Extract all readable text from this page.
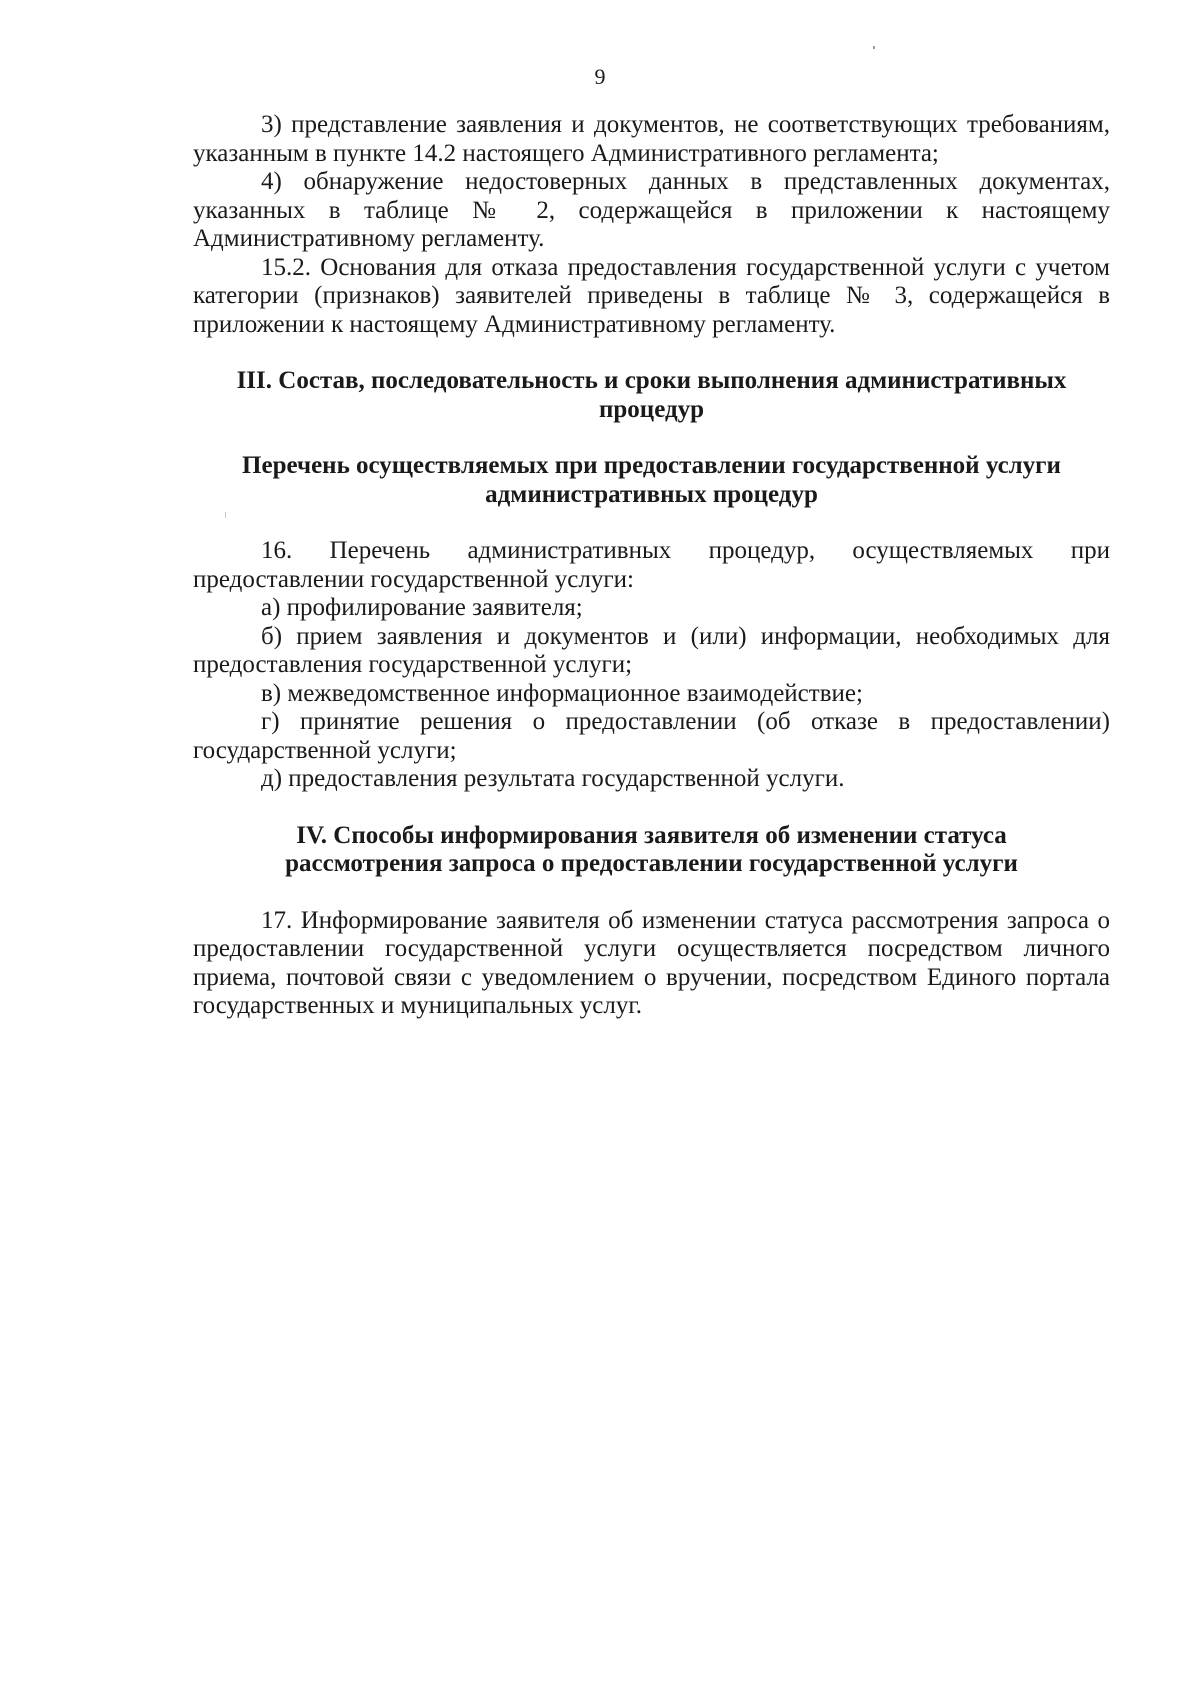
9

3) представление заявления и документов, не соответствующих требованиям, указанным в пункте 14.2 настоящего Административного регламента;

4) обнаружение недостоверных данных в представленных документах, указанных в таблице № 2, содержащейся в приложении к настоящему Административному регламенту.

15.2. Основания для отказа предоставления государственной услуги с учетом категории (признаков) заявителей приведены в таблице № 3, содержащейся в приложении к настоящему Административному регламенту.

III. Состав, последовательность и сроки выполнения административных процедур

Перечень осуществляемых при предоставлении государственной услуги административных процедур

16. Перечень административных процедур, осуществляемых при предоставлении государственной услуги:

а) профилирование заявителя;

б) прием заявления и документов и (или) информации, необходимых для предоставления государственной услуги;

в) межведомственное информационное взаимодействие;

г) принятие решения о предоставлении (об отказе в предоставлении) государственной услуги;

д) предоставления результата государственной услуги.

IV. Способы информирования заявителя об изменении статуса рассмотрения запроса о предоставлении государственной услуги

17. Информирование заявителя об изменении статуса рассмотрения запроса о предоставлении государственной услуги осуществляется посредством личного приема, почтовой связи с уведомлением о вручении, посредством Единого портала государственных и муниципальных услуг.
